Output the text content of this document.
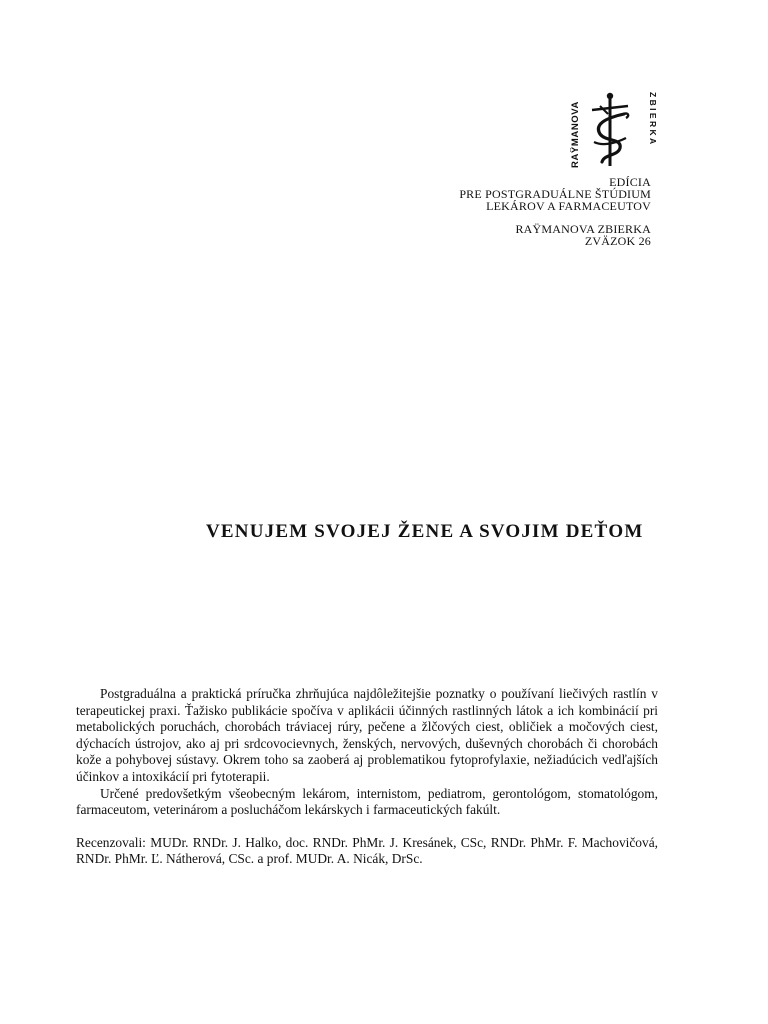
RAŸMANOVA	ZBIERKA
EDÍCIA
PRE POSTGRADUÁLNE ŠTÚDIUM
LEKÁROV A FARMACEUTOV
RAŸMANOVA ZBIERKA
ZVÄZOK 26
VENUJEM SVOJEJ ŽENE A SVOJIM DEŤOM

Postgraduálna a praktická príručka zhrňujúca najdôležitejšie poznatky o používaní liečivých rastlín v terapeutickej praxi. Ťažisko publikácie spočíva v aplikácii účinných rastlinných látok a ich kombinácií pri metabolických poruchách, chorobách tráviacej rúry, pečene a žlčových ciest, obličiek a močových ciest, dýchacích ústrojov, ako aj pri srdcovocievnych, ženských, nervových, duševných chorobách či chorobách kože a pohybovej sústavy. Okrem toho sa zaoberá aj problematikou fytoprofylaxie, nežiadúcich vedľajších účinkov a intoxikácií pri fytoterapii.

Určené predovšetkým všeobecným lekárom, internistom, pediatrom, gerontológom, stomatológom, farmaceutom, veterinárom a poslucháčom lekárskych i farmaceutických fakúlt.

Recenzovali: MUDr. RNDr. J. Halko, doc. RNDr. PhMr. J. Kresánek, CSc, RNDr. PhMr. F. Machovičová, RNDr. PhMr. Ľ. Nátherová, CSc. a prof. MUDr. A. Nicák, DrSc.
